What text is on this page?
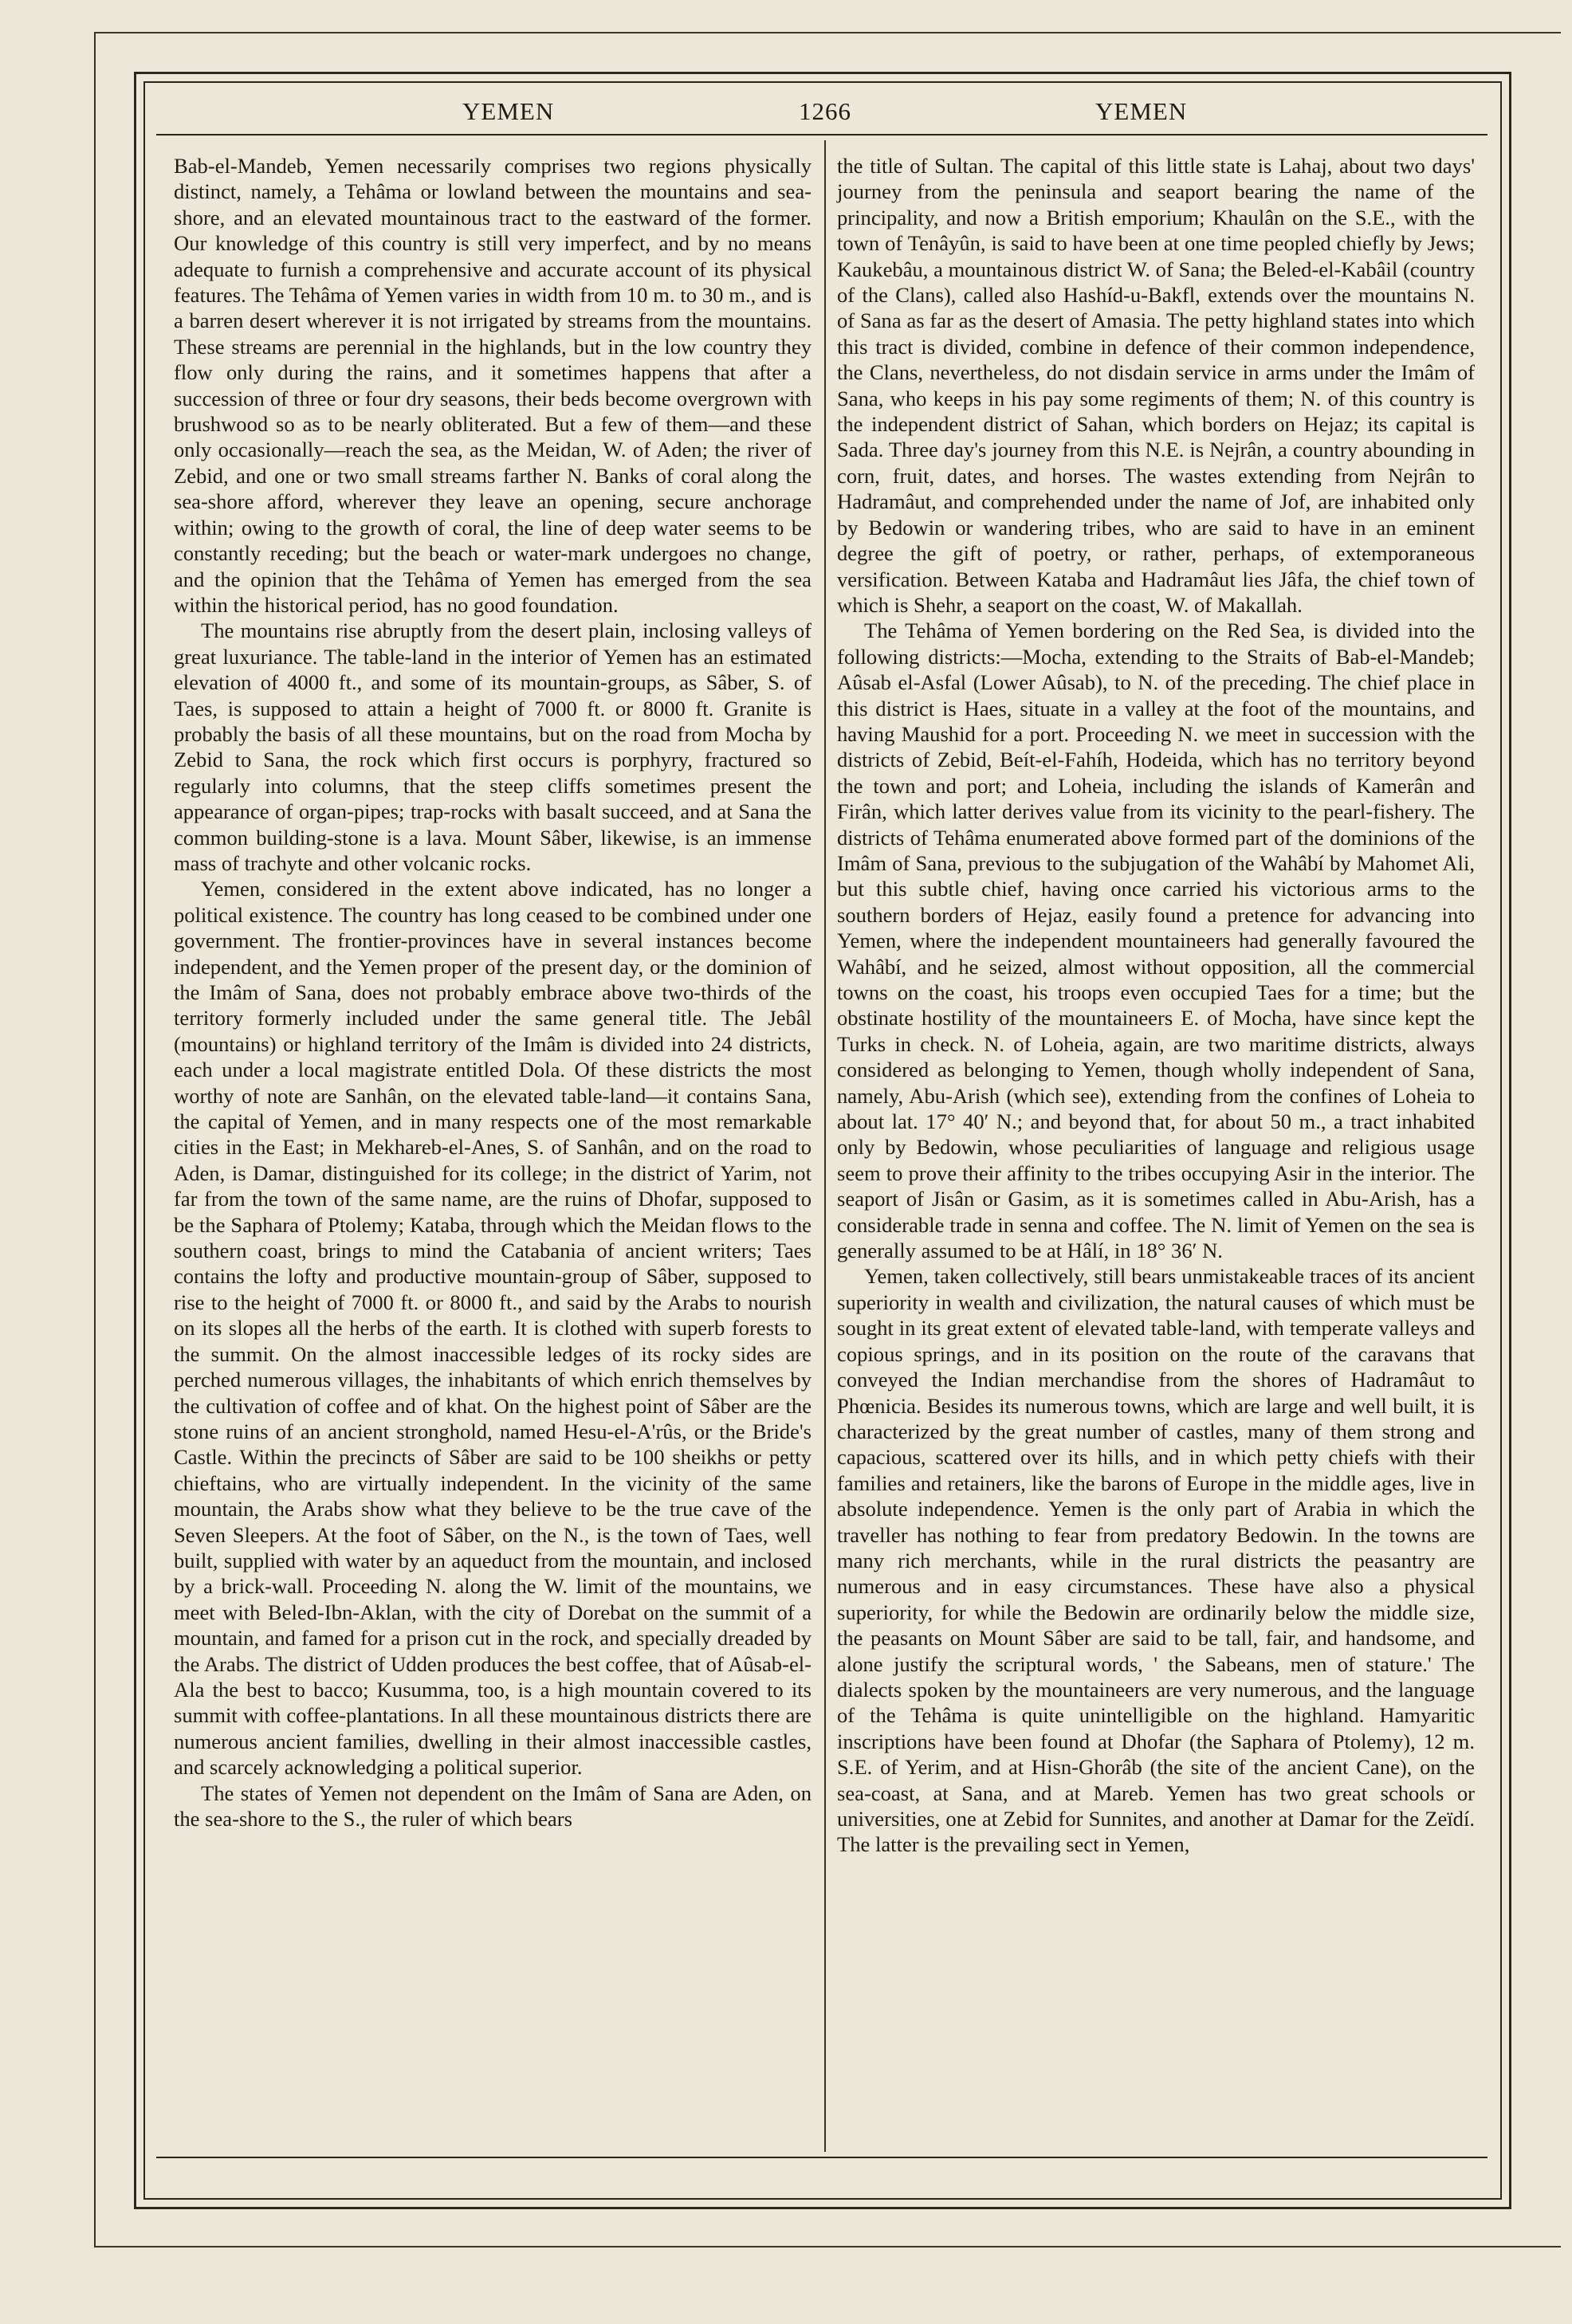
YEMEN	1266	YEMEN

Bab-el-Mandeb, Yemen necessarily comprises two regions physically distinct, namely, a Tehâma or lowland between the mountains and sea-shore, and an elevated mountainous tract to the eastward of the former. Our knowledge of this country is still very imperfect, and by no means adequate to furnish a comprehensive and accurate account of its physical features. The Tehâma of Yemen varies in width from 10 m. to 30 m., and is a barren desert wherever it is not irrigated by streams from the mountains. These streams are perennial in the highlands, but in the low country they flow only during the rains, and it sometimes happens that after a succession of three or four dry seasons, their beds become overgrown with brushwood so as to be nearly obliterated. But a few of them—and these only occasionally—reach the sea, as the Meidan, W. of Aden; the river of Zebid, and one or two small streams farther N. Banks of coral along the sea-shore afford, wherever they leave an opening, secure anchorage within; owing to the growth of coral, the line of deep water seems to be constantly receding; but the beach or water-mark undergoes no change, and the opinion that the Tehâma of Yemen has emerged from the sea within the historical period, has no good foundation.

The mountains rise abruptly from the desert plain, inclosing valleys of great luxuriance. The table-land in the interior of Yemen has an estimated elevation of 4000 ft., and some of its mountain-groups, as Sâber, S. of Taes, is supposed to attain a height of 7000 ft. or 8000 ft. Granite is probably the basis of all these mountains, but on the road from Mocha by Zebid to Sana, the rock which first occurs is porphyry, fractured so regularly into columns, that the steep cliffs sometimes present the appearance of organ-pipes; trap-rocks with basalt succeed, and at Sana the common building-stone is a lava. Mount Sâber, likewise, is an immense mass of trachyte and other volcanic rocks.

Yemen, considered in the extent above indicated, has no longer a political existence. The country has long ceased to be combined under one government. The frontier-provinces have in several instances become independent, and the Yemen proper of the present day, or the dominion of the Imâm of Sana, does not probably embrace above two-thirds of the territory formerly included under the same general title. The Jebâl (mountains) or highland territory of the Imâm is divided into 24 districts, each under a local magistrate entitled Dola. Of these districts the most worthy of note are Sanhân, on the elevated table-land—it contains Sana, the capital of Yemen, and in many respects one of the most remarkable cities in the East; in Mekhareb-el-Anes, S. of Sanhân, and on the road to Aden, is Damar, distinguished for its college; in the district of Yarim, not far from the town of the same name, are the ruins of Dhofar, supposed to be the Saphara of Ptolemy; Kataba, through which the Meidan flows to the southern coast, brings to mind the Catabania of ancient writers; Taes contains the lofty and productive mountain-group of Sâber, supposed to rise to the height of 7000 ft. or 8000 ft., and said by the Arabs to nourish on its slopes all the herbs of the earth. It is clothed with superb forests to the summit. On the almost inaccessible ledges of its rocky sides are perched numerous villages, the inhabitants of which enrich themselves by the cultivation of coffee and of khat. On the highest point of Sâber are the stone ruins of an ancient stronghold, named Hesu-el-A'rûs, or the Bride's Castle. Within the precincts of Sâber are said to be 100 sheikhs or petty chieftains, who are virtually independent. In the vicinity of the same mountain, the Arabs show what they believe to be the true cave of the Seven Sleepers. At the foot of Sâber, on the N., is the town of Taes, well built, supplied with water by an aqueduct from the mountain, and inclosed by a brick-wall. Proceeding N. along the W. limit of the mountains, we meet with Beled-Ibn-Aklan, with the city of Dorebat on the summit of a mountain, and famed for a prison cut in the rock, and specially dreaded by the Arabs. The district of Udden produces the best coffee, that of Aûsab-el-Ala the best to bacco; Kusumma, too, is a high mountain covered to its summit with coffee-plantations. In all these mountainous districts there are numerous ancient families, dwelling in their almost inaccessible castles, and scarcely acknowledging a political superior.

The states of Yemen not dependent on the Imâm of Sana are Aden, on the sea-shore to the S., the ruler of which bears

the title of Sultan. The capital of this little state is Lahaj, about two days' journey from the peninsula and seaport bearing the name of the principality, and now a British emporium; Khaulân on the S.E., with the town of Tenâyûn, is said to have been at one time peopled chiefly by Jews; Kaukebâu, a mountainous district W. of Sana; the Beled-el-Kabâil (country of the Clans), called also Hashíd-u-Bakfl, extends over the mountains N. of Sana as far as the desert of Amasia. The petty highland states into which this tract is divided, combine in defence of their common independence, the Clans, nevertheless, do not disdain service in arms under the Imâm of Sana, who keeps in his pay some regiments of them; N. of this country is the independent district of Sahan, which borders on Hejaz; its capital is Sada. Three day's journey from this N.E. is Nejrân, a country abounding in corn, fruit, dates, and horses. The wastes extending from Nejrân to Hadramâut, and comprehended under the name of Jof, are inhabited only by Bedowin or wandering tribes, who are said to have in an eminent degree the gift of poetry, or rather, perhaps, of extemporaneous versification. Between Kataba and Hadramâut lies Jâfa, the chief town of which is Shehr, a seaport on the coast, W. of Makallah.

The Tehâma of Yemen bordering on the Red Sea, is divided into the following districts:—Mocha, extending to the Straits of Bab-el-Mandeb; Aûsab el-Asfal (Lower Aûsab), to N. of the preceding. The chief place in this district is Haes, situate in a valley at the foot of the mountains, and having Maushid for a port. Proceeding N. we meet in succession with the districts of Zebid, Beít-el-Fahíh, Hodeida, which has no territory beyond the town and port; and Loheia, including the islands of Kamerân and Firân, which latter derives value from its vicinity to the pearl-fishery. The districts of Tehâma enumerated above formed part of the dominions of the Imâm of Sana, previous to the subjugation of the Wahâbí by Mahomet Ali, but this subtle chief, having once carried his victorious arms to the southern borders of Hejaz, easily found a pretence for advancing into Yemen, where the independent mountaineers had generally favoured the Wahâbí, and he seized, almost without opposition, all the commercial towns on the coast, his troops even occupied Taes for a time; but the obstinate hostility of the mountaineers E. of Mocha, have since kept the Turks in check. N. of Loheia, again, are two maritime districts, always considered as belonging to Yemen, though wholly independent of Sana, namely, Abu-Arish (which see), extending from the confines of Loheia to about lat. 17° 40′ N.; and beyond that, for about 50 m., a tract inhabited only by Bedowin, whose peculiarities of language and religious usage seem to prove their affinity to the tribes occupying Asir in the interior. The seaport of Jisân or Gasim, as it is sometimes called in Abu-Arish, has a considerable trade in senna and coffee. The N. limit of Yemen on the sea is generally assumed to be at Hâlí, in 18° 36′ N.

Yemen, taken collectively, still bears unmistakeable traces of its ancient superiority in wealth and civilization, the natural causes of which must be sought in its great extent of elevated table-land, with temperate valleys and copious springs, and in its position on the route of the caravans that conveyed the Indian merchandise from the shores of Hadramâut to Phœnicia. Besides its numerous towns, which are large and well built, it is characterized by the great number of castles, many of them strong and capacious, scattered over its hills, and in which petty chiefs with their families and retainers, like the barons of Europe in the middle ages, live in absolute independence. Yemen is the only part of Arabia in which the traveller has nothing to fear from predatory Bedowin. In the towns are many rich merchants, while in the rural districts the peasantry are numerous and in easy circumstances. These have also a physical superiority, for while the Bedowin are ordinarily below the middle size, the peasants on Mount Sâber are said to be tall, fair, and handsome, and alone justify the scriptural words, ' the Sabeans, men of stature.' The dialects spoken by the mountaineers are very numerous, and the language of the Tehâma is quite unintelligible on the highland. Hamyaritic inscriptions have been found at Dhofar (the Saphara of Ptolemy), 12 m. S.E. of Yerim, and at Hisn-Ghorâb (the site of the ancient Cane), on the sea-coast, at Sana, and at Mareb. Yemen has two great schools or universities, one at Zebid for Sunnites, and another at Damar for the Zeïdí. The latter is the prevailing sect in Yemen,
